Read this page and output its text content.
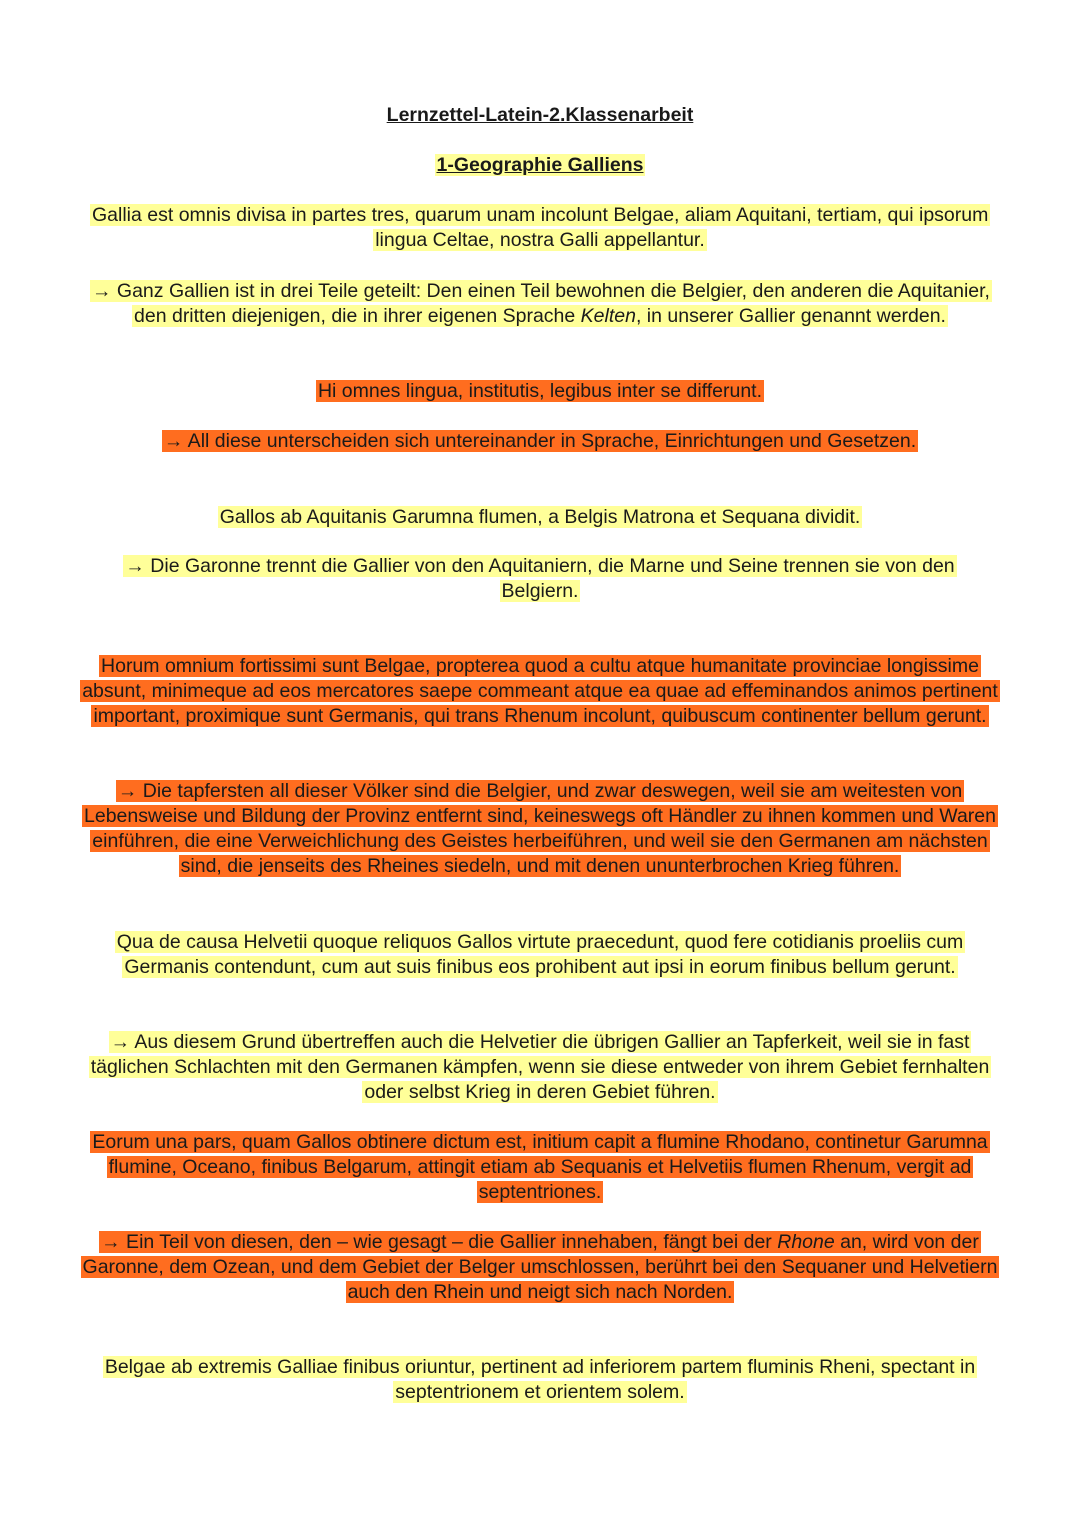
Lernzettel-Latein-2.Klassenarbeit
1-Geographie Galliens
Gallia est omnis divisa in partes tres, quarum unam incolunt Belgae, aliam Aquitani, tertiam, qui ipsorum lingua Celtae, nostra Galli appellantur.
→ Ganz Gallien ist in drei Teile geteilt: Den einen Teil bewohnen die Belgier, den anderen die Aquitanier, den dritten diejenigen, die in ihrer eigenen Sprache Kelten, in unserer Gallier genannt werden.
Hi omnes lingua, institutis, legibus inter se differunt.
→ All diese unterscheiden sich untereinander in Sprache, Einrichtungen und Gesetzen.
Gallos ab Aquitanis Garumna flumen, a Belgis Matrona et Sequana dividit.
→ Die Garonne trennt die Gallier von den Aquitaniern, die Marne und Seine trennen sie von den Belgiern.
Horum omnium fortissimi sunt Belgae, propterea quod a cultu atque humanitate provinciae longissime absunt, minimeque ad eos mercatores saepe commeant atque ea quae ad effeminandos animos pertinent important, proximique sunt Germanis, qui trans Rhenum incolunt, quibuscum continenter bellum gerunt.
→ Die tapfersten all dieser Völker sind die Belgier, und zwar deswegen, weil sie am weitesten von Lebensweise und Bildung der Provinz entfernt sind, keineswegs oft Händler zu ihnen kommen und Waren einführen, die eine Verweichlichung des Geistes herbeiführen, und weil sie den Germanen am nächsten sind, die jenseits des Rheines siedeln, und mit denen ununterbrochen Krieg führen.
Qua de causa Helvetii quoque reliquos Gallos virtute praecedunt, quod fere cotidianis proeliis cum Germanis contendunt, cum aut suis finibus eos prohibent aut ipsi in eorum finibus bellum gerunt.
→ Aus diesem Grund übertreffen auch die Helvetier die übrigen Gallier an Tapferkeit, weil sie in fast täglichen Schlachten mit den Germanen kämpfen, wenn sie diese entweder von ihrem Gebiet fernhalten oder selbst Krieg in deren Gebiet führen.
Eorum una pars, quam Gallos obtinere dictum est, initium capit a flumine Rhodano, continetur Garumna flumine, Oceano, finibus Belgarum, attingit etiam ab Sequanis et Helvetiis flumen Rhenum, vergit ad septentriones.
→ Ein Teil von diesen, den – wie gesagt – die Gallier innehaben, fängt bei der Rhone an, wird von der Garonne, dem Ozean, und dem Gebiet der Belger umschlossen, berührt bei den Sequaner und Helvetiern auch den Rhein und neigt sich nach Norden.
Belgae ab extremis Galliae finibus oriuntur, pertinent ad inferiorem partem fluminis Rheni, spectant in septentrionem et orientem solem.
